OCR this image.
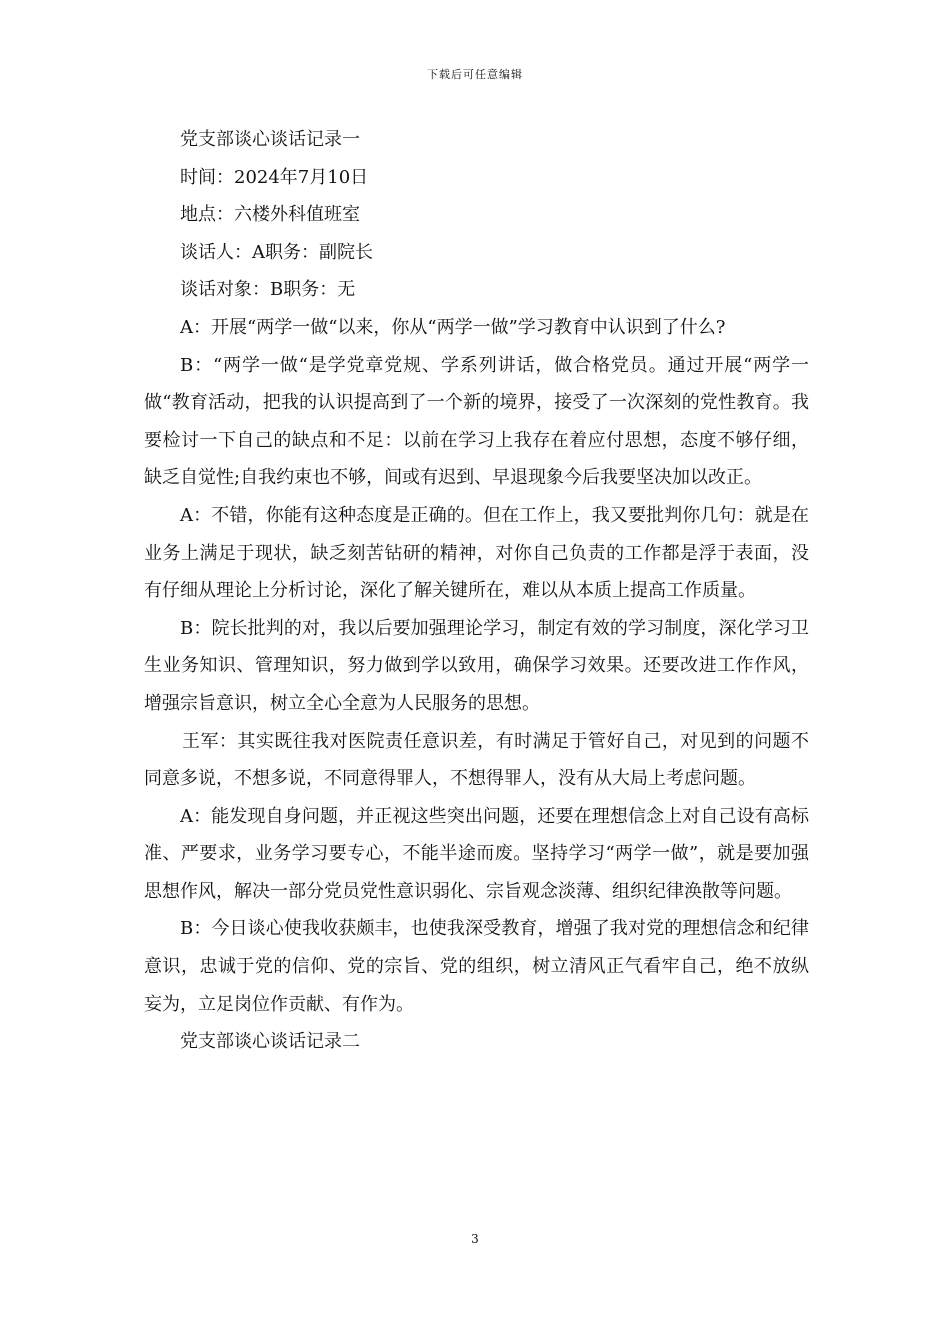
下载后可任意编辑

党支部谈心谈话记录一

时间：2024年7月10日

地点：六楼外科值班室

谈话人：A职务：副院长

谈话对象：B职务：无

A：开展“两学一做“以来，你从“两学一做”学习教育中认识到了什么?

B：“两学一做“是学党章党规、学系列讲话，做合格党员。通过开展“两学一做“教育活动，把我的认识提高到了一个新的境界，接受了一次深刻的党性教育。我要检讨一下自己的缺点和不足：以前在学习上我存在着应付思想，态度不够仔细，缺乏自觉性;自我约束也不够，间或有迟到、早退现象今后我要坚决加以改正。

A：不错，你能有这种态度是正确的。但在工作上，我又要批判你几句：就是在业务上满足于现状，缺乏刻苦钻研的精神，对你自己负责的工作都是浮于表面，没有仔细从理论上分析讨论，深化了解关键所在，难以从本质上提高工作质量。

B：院长批判的对，我以后要加强理论学习，制定有效的学习制度，深化学习卫生业务知识、管理知识，努力做到学以致用，确保学习效果。还要改进工作作风，增强宗旨意识，树立全心全意为人民服务的思想。

王军：其实既往我对医院责任意识差，有时满足于管好自己，对见到的问题不同意多说，不想多说，不同意得罪人，不想得罪人，没有从大局上考虑问题。

A：能发现自身问题，并正视这些突出问题，还要在理想信念上对自己设有高标准、严要求，业务学习要专心，不能半途而废。坚持学习“两学一做”，就是要加强思想作风，解决一部分党员党性意识弱化、宗旨观念淡薄、组织纪律涣散等问题。

B：今日谈心使我收获颇丰，也使我深受教育，增强了我对党的理想信念和纪律意识，忠诚于党的信仰、党的宗旨、党的组织，树立清风正气看牢自己，绝不放纵妄为，立足岗位作贡献、有作为。

党支部谈心谈话记录二

3
